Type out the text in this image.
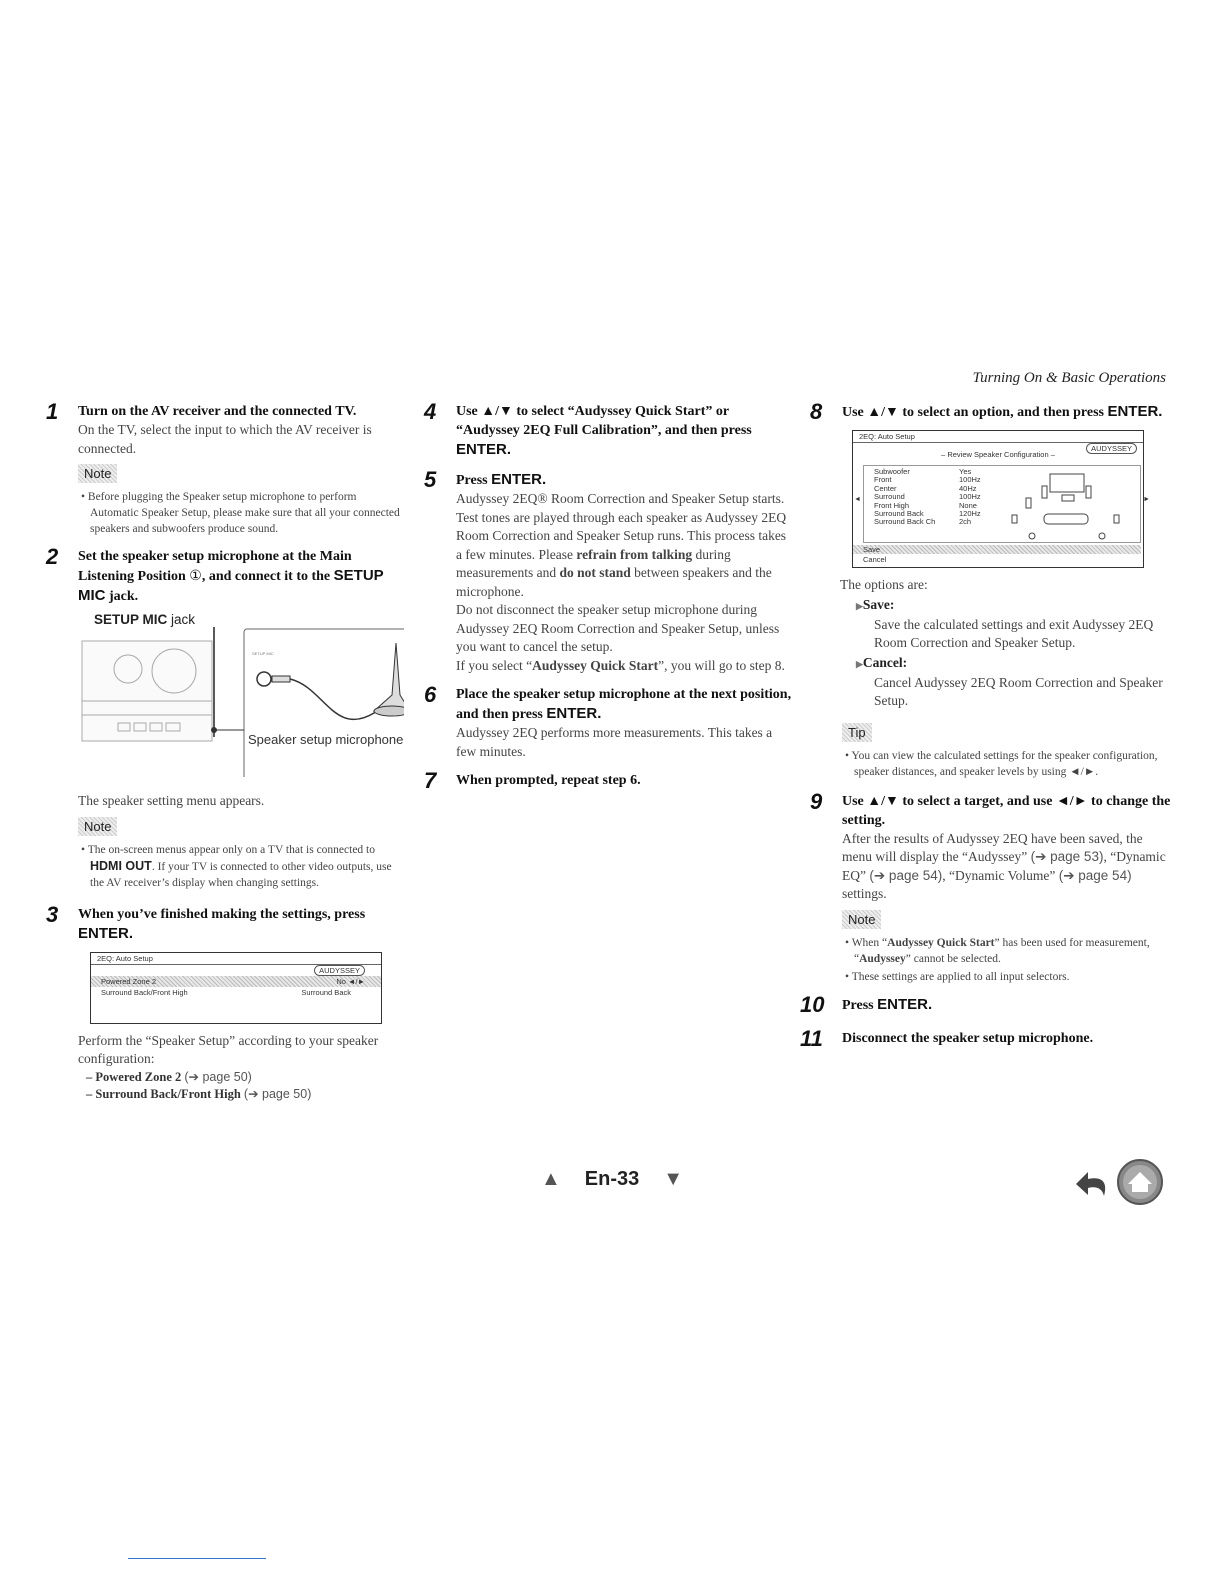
Turning On & Basic Operations
1 Turn on the AV receiver and the connected TV.
On the TV, select the input to which the AV receiver is connected.
Note
• Before plugging the Speaker setup microphone to perform Automatic Speaker Setup, please make sure that all your connected speakers and subwoofers produce sound.
2 Set the speaker setup microphone at the Main Listening Position ①, and connect it to the SETUP MIC jack.
SETUP MIC jack
SETUP MIC
Speaker setup microphone
The speaker setting menu appears.
Note
• The on-screen menus appear only on a TV that is connected to HDMI OUT. If your TV is connected to other video outputs, use the AV receiver’s display when changing settings.
3 When you’ve finished making the settings, press ENTER.
2EQ: Auto Setup
AUDYSSEY
Powered Zone 2	No ◄/►
Surround Back/Front High	Surround Back
Perform the “Speaker Setup” according to your speaker configuration:
– Powered Zone 2 (➔ page 50)
– Surround Back/Front High (➔ page 50)
4 Use ▲/▼ to select “Audyssey Quick Start” or “Audyssey 2EQ Full Calibration”, and then press ENTER.
5 Press ENTER.
Audyssey 2EQ® Room Correction and Speaker Setup starts.
Test tones are played through each speaker as Audyssey 2EQ Room Correction and Speaker Setup runs. This process takes a few minutes. Please refrain from talking during measurements and do not stand between speakers and the microphone.
Do not disconnect the speaker setup microphone during Audyssey 2EQ Room Correction and Speaker Setup, unless you want to cancel the setup.
If you select “Audyssey Quick Start”, you will go to step 8.
6 Place the speaker setup microphone at the next position, and then press ENTER.
Audyssey 2EQ performs more measurements. This takes a few minutes.
7 When prompted, repeat step 6.
8 Use ▲/▼ to select an option, and then press ENTER.
2EQ: Auto Setup
AUDYSSEY
– Review Speaker Configuration –
Subwoofer	Yes
Front	100Hz
Center	40Hz
Surround	100Hz
Front High	None
Surround Back	120Hz
Surround Back Ch	2ch
◄	►
Save
Cancel
The options are:
▶Save:
Save the calculated settings and exit Audyssey 2EQ Room Correction and Speaker Setup.
▶Cancel:
Cancel Audyssey 2EQ Room Correction and Speaker Setup.
Tip
• You can view the calculated settings for the speaker configuration, speaker distances, and speaker levels by using ◄/►.
9 Use ▲/▼ to select a target, and use ◄/► to change the setting.
After the results of Audyssey 2EQ have been saved, the menu will display the “Audyssey” (➔ page 53), “Dynamic EQ” (➔ page 54), “Dynamic Volume” (➔ page 54) settings.
Note
• When “Audyssey Quick Start” has been used for measurement, “Audyssey” cannot be selected.
• These settings are applied to all input selectors.
10 Press ENTER.
11 Disconnect the speaker setup microphone.
▲ En-33 ▼
